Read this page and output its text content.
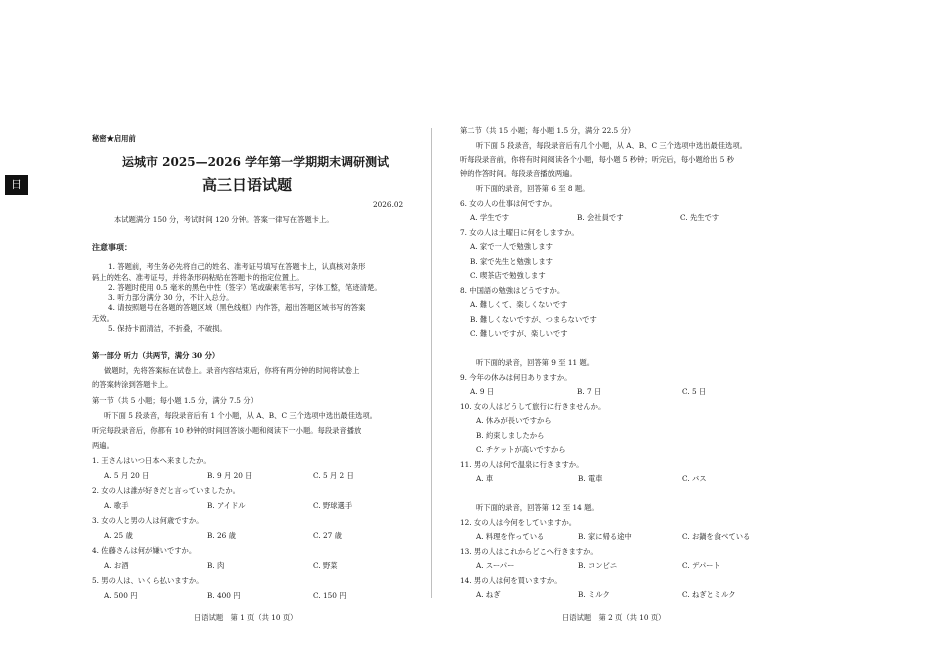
日
秘密★启用前
运城市 2025—2026 学年第一学期期末调研测试
高三日语试题
2026.02
本试题满分 150 分，考试时间 120 分钟。答案一律写在答题卡上。
注意事项：
1. 答题前，考生务必先将自己的姓名、准考证号填写在答题卡上，认真核对条形
码上的姓名、准考证号，并将条形码粘贴在答题卡的指定位置上。
2. 答题时使用 0.5 毫米的黑色中性（签字）笔或碳素笔书写，字体工整，笔迹清楚。
3. 听力部分满分 30 分，不计入总分。
4. 请按照题号在各题的答题区域（黑色线框）内作答，超出答题区域书写的答案
无效。
5. 保持卡面清洁，不折叠，不破损。
第一部分 听力（共两节，满分 30 分）
做题时，先将答案标在试卷上。录音内容结束后，你将有两分钟的时间将试卷上
的答案转涂到答题卡上。
第一节（共 5 小题；每小题 1.5 分，满分 7.5 分）
听下面 5 段录音，每段录音后有 1 个小题，从 A、B、C 三个选项中选出最佳选项。
听完每段录音后，你都有 10 秒钟的时间回答该小题和阅读下一小题。每段录音播放
两遍。
1. 王さんはいつ日本へ来ましたか。
A. 5 月 20 日	B. 9 月 20 日	C. 5 月 2 日
2. 女の人は誰が好きだと言っていましたか。
A. 歌手	B. アイドル	C. 野球選手
3. 女の人と男の人は何歳ですか。
A. 25 歳	B. 26 歳	C. 27 歳
4. 佐藤さんは何が嫌いですか。
A. お酒	B. 肉	C. 野菜
5. 男の人は、いくら払いますか。
A. 500 円	B. 400 円	C. 150 円
日语试题　第 1 页（共 10 页）
第二节（共 15 小题；每小题 1.5 分，满分 22.5 分）
听下面 5 段录音，每段录音后有几个小题，从 A、B、C 三个选项中选出最佳选项。
听每段录音前，你将有时间阅读各个小题，每小题 5 秒钟；听完后，每小题给出 5 秒
钟的作答时间。每段录音播放两遍。
听下面的录音，回答第 6 至 8 题。
6. 女の人の仕事は何ですか。
A. 学生です	B. 会社員です	C. 先生です
7. 女の人は土曜日に何をしますか。
A. 家で一人で勉強します
B. 家で先生と勉強します
C. 喫茶店で勉強します
8. 中国語の勉強はどうですか。
A. 難しくて、楽しくないです
B. 難しくないですが、つまらないです
C. 難しいですが、楽しいです
听下面的录音，回答第 9 至 11 题。
9. 今年の休みは何日ありますか。
A. 9 日	B. 7 日	C. 5 日
10. 女の人はどうして旅行に行きませんか。
A. 休みが長いですから
B. 約束しましたから
C. チケットが高いですから
11. 男の人は何で温泉に行きますか。
A. 車	B. 電車	C. バス
听下面的录音，回答第 12 至 14 题。
12. 女の人は今何をしていますか。
A. 料理を作っている	B. 家に帰る途中	C. お鍋を食べている
13. 男の人はこれからどこへ行きますか。
A. スーパー	B. コンビニ	C. デパート
14. 男の人は何を買いますか。
A. ねぎ	B. ミルク	C. ねぎとミルク
日语试题　第 2 页（共 10 页）
